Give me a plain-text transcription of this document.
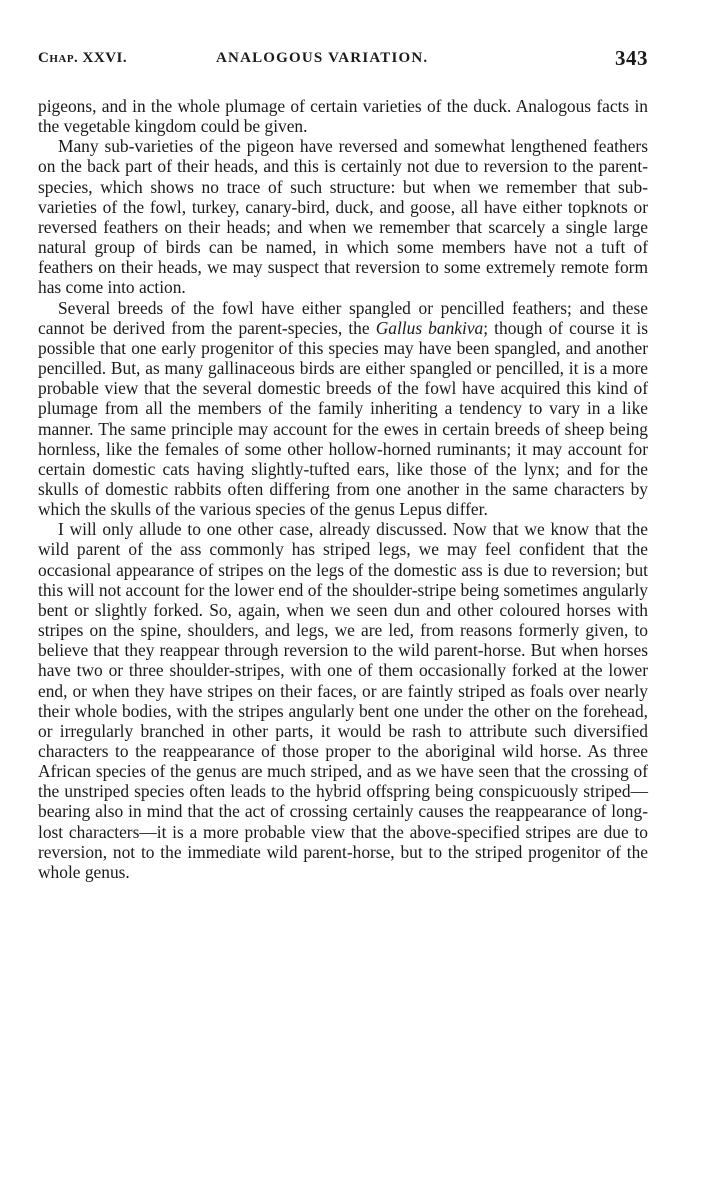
Chap. XXVI.	ANALOGOUS VARIATION.	343

pigeons, and in the whole plumage of certain varieties of the duck. Analogous facts in the vegetable kingdom could be given.

Many sub-varieties of the pigeon have reversed and somewhat lengthened feathers on the back part of their heads, and this is certainly not due to reversion to the parent-species, which shows no trace of such structure: but when we remember that sub-varieties of the fowl, turkey, canary-bird, duck, and goose, all have either topknots or reversed feathers on their heads; and when we remember that scarcely a single large natural group of birds can be named, in which some members have not a tuft of feathers on their heads, we may suspect that reversion to some extremely remote form has come into action.

Several breeds of the fowl have either spangled or pencilled feathers; and these cannot be derived from the parent-species, the Gallus bankiva; though of course it is possible that one early progenitor of this species may have been spangled, and another pencilled. But, as many gallinaceous birds are either spangled or pencilled, it is a more probable view that the several domestic breeds of the fowl have acquired this kind of plumage from all the members of the family inheriting a tendency to vary in a like manner. The same principle may account for the ewes in certain breeds of sheep being hornless, like the females of some other hollow-horned ruminants; it may account for certain domestic cats having slightly-tufted ears, like those of the lynx; and for the skulls of domestic rabbits often differing from one another in the same characters by which the skulls of the various species of the genus Lepus differ.

I will only allude to one other case, already discussed. Now that we know that the wild parent of the ass commonly has striped legs, we may feel confident that the occasional appearance of stripes on the legs of the domestic ass is due to reversion; but this will not account for the lower end of the shoulder-stripe being sometimes angularly bent or slightly forked. So, again, when we seen dun and other coloured horses with stripes on the spine, shoulders, and legs, we are led, from reasons formerly given, to believe that they reappear through reversion to the wild parent-horse. But when horses have two or three shoulder-stripes, with one of them occasionally forked at the lower end, or when they have stripes on their faces, or are faintly striped as foals over nearly their whole bodies, with the stripes angularly bent one under the other on the forehead, or irregularly branched in other parts, it would be rash to attribute such diversified characters to the reappearance of those proper to the aboriginal wild horse. As three African species of the genus are much striped, and as we have seen that the crossing of the unstriped species often leads to the hybrid offspring being conspicuously striped—bearing also in mind that the act of crossing certainly causes the reappearance of long-lost characters—it is a more probable view that the above-specified stripes are due to reversion, not to the immediate wild parent-horse, but to the striped progenitor of the whole genus.
